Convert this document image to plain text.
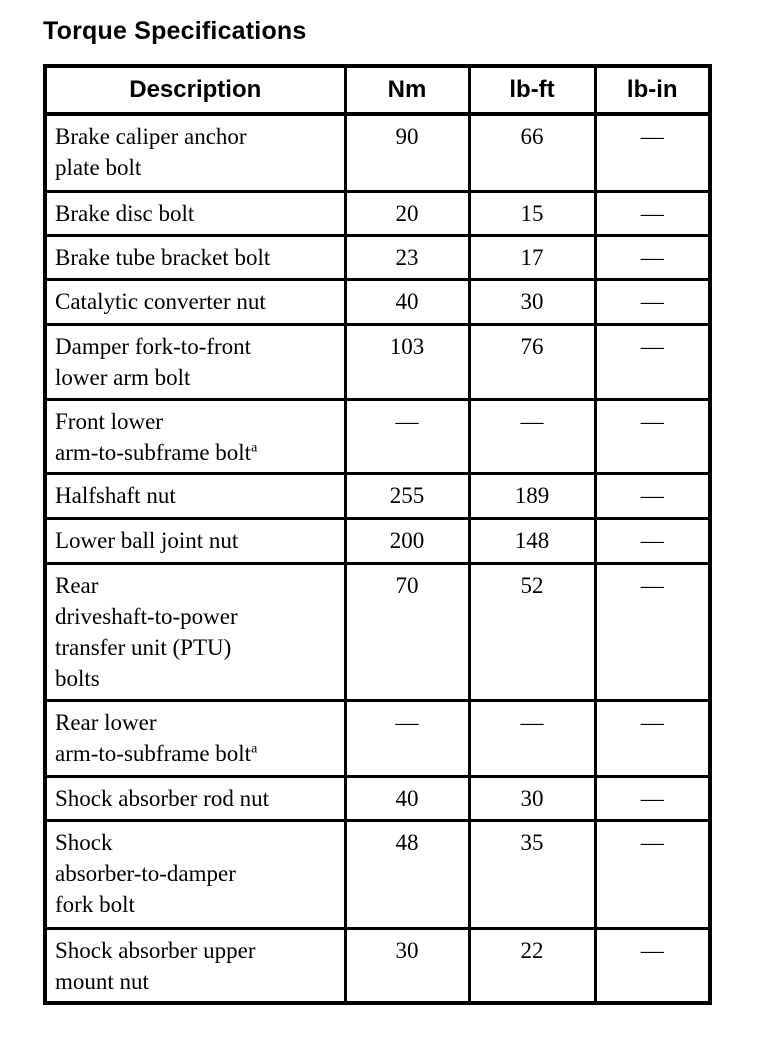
Torque Specifications
Description	Nm	lb-ft	lb-in

Brake caliper anchor
plate bolt	90	66	—

Brake disc bolt	20	15	—

Brake tube bracket bolt	23	17	—

Catalytic converter nut	40	30	—

Damper fork-to-front
lower arm bolt	103	76	—

Front lower
arm-to-subframe bolt$^a$	—	—	—

Halfshaft nut	255	189	—

Lower ball joint nut	200	148	—

Rear
driveshaft-to-power
transfer unit (PTU)
bolts	70	52	—

Rear lower
arm-to-subframe bolt$^a$	—	—	—

Shock absorber rod nut	40	30	—

Shock
absorber-to-damper
fork bolt	48	35	—

Shock absorber upper
mount nut	30	22	—
